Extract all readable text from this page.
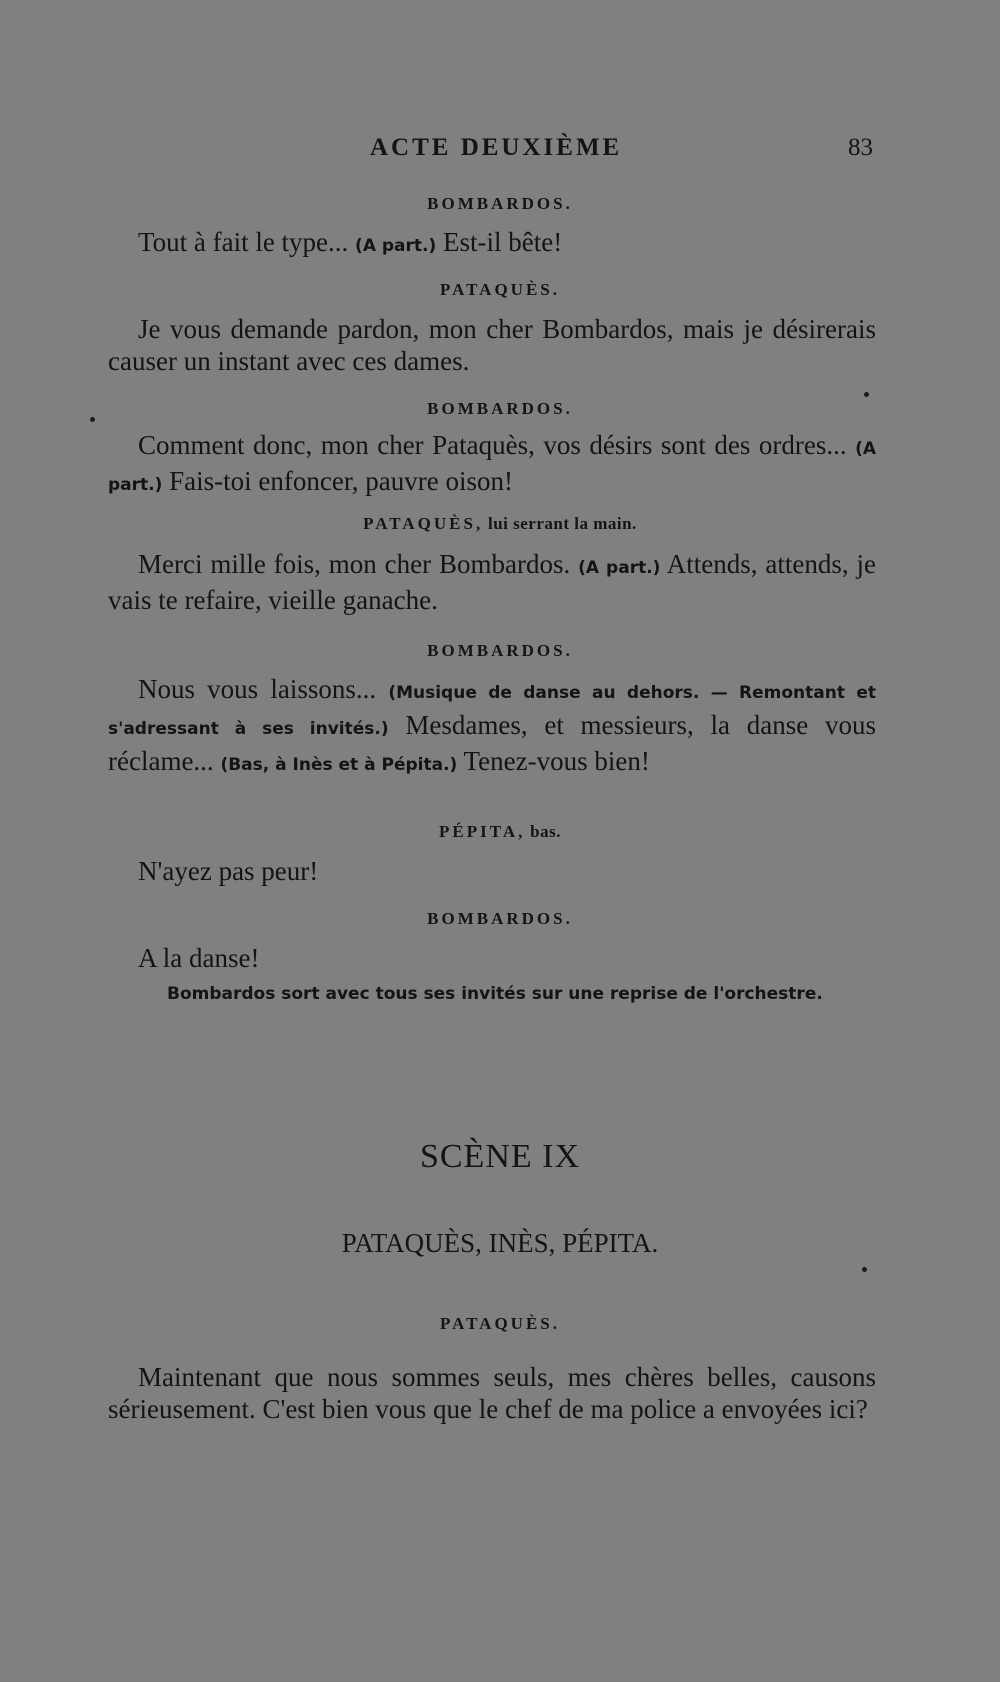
ACTE DEUXIÈME	83
BOMBARDOS.

Tout à fait le type... (A part.) Est-il bête!

PATAQUÈS.

Je vous demande pardon, mon cher Bombardos, mais je désirerais causer un instant avec ces dames.

BOMBARDOS.

Comment donc, mon cher Pataquès, vos désirs sont des ordres... (A part.) Fais-toi enfoncer, pauvre oison!

PATAQUÈS, lui serrant la main.

Merci mille fois, mon cher Bombardos. (A part.) Attends, attends, je vais te refaire, vieille ganache.

BOMBARDOS.

Nous vous laissons... (Musique de danse au dehors. — Remontant et s'adressant à ses invités.) Mesdames, et messieurs, la danse vous réclame... (Bas, à Inès et à Pépita.) Tenez-vous bien!

PÉPITA, bas.

N'ayez pas peur!

BOMBARDOS.

A la danse!

Bombardos sort avec tous ses invités sur une reprise de l'orchestre.

SCÈNE IX
PATAQUÈS, INÈS, PÉPITA.
PATAQUÈS.

Maintenant que nous sommes seuls, mes chères belles, causons sérieusement. C'est bien vous que le chef de ma police a envoyées ici?
